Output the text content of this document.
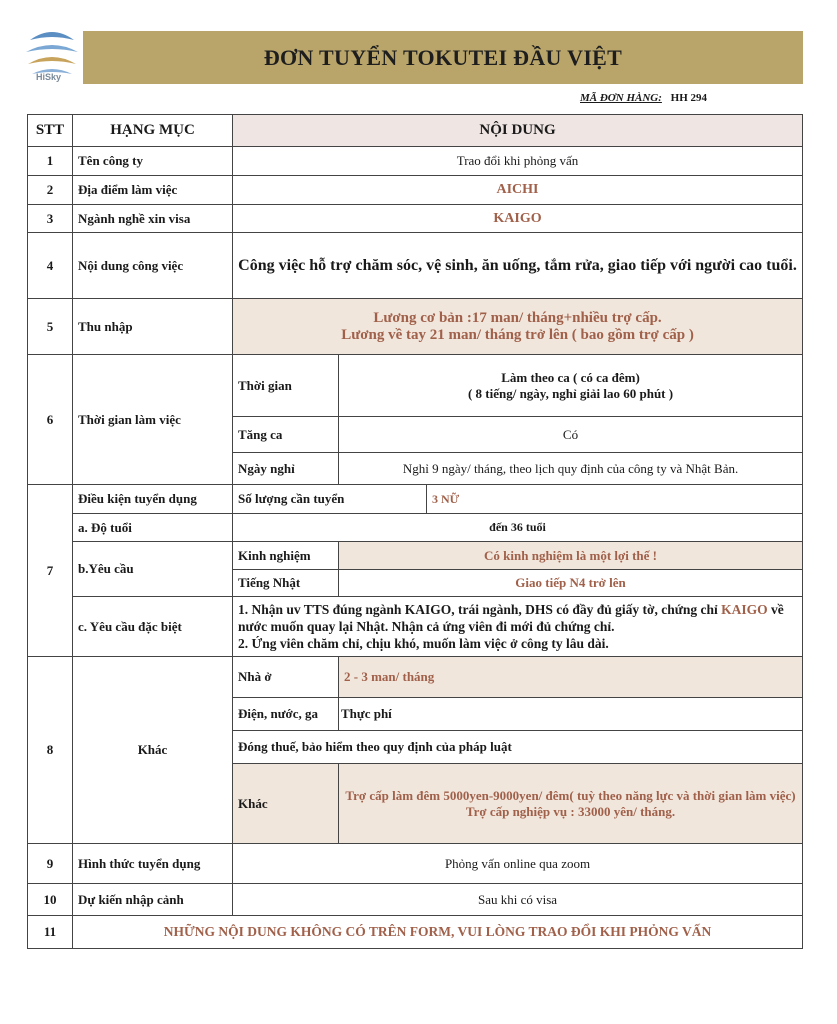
HiSky
ĐƠN TUYỂN TOKUTEI ĐẦU VIỆT
MÃ ĐƠN HÀNG: HH 294
STT	HẠNG MỤC	NỘI DUNG		
1	Tên công ty	Trao đổi khi phỏng vấn		
2	Địa điểm làm việc	AICHI		
3	Ngành nghề xin visa	KAIGO		
4	Nội dung công việc	Công việc hỗ trợ chăm sóc, vệ sinh, ăn uống, tắm rửa, giao tiếp với người cao tuổi.		
5	Thu nhập	Lương cơ bản :17 man/ tháng+nhiều trợ cấp.
Lương về tay 21 man/ tháng trở lên ( bao gồm trợ cấp )		

6	Thời gian làm việc	Thời gian	Làm theo ca ( có ca đêm)
( 8 tiếng/ ngày, nghỉ giải lao 60 phút )	

		Tăng ca	Có	
		Ngày nghỉ	Nghỉ 9 ngày/ tháng, theo lịch quy định của công ty và Nhật Bản.	
7	Điều kiện tuyển dụng	Số lượng cần tuyển		3 NỮ
	a. Độ tuổi	đến 36 tuổi		
	b.Yêu cầu	Kinh nghiệm	Có kinh nghiệm là một lợi thế !	
		Tiếng Nhật	Giao tiếp N4 trở lên	
	c. Yêu cầu đặc biệt	1. Nhận uv TTS đúng ngành KAIGO, trái ngành, DHS có đầy đủ giấy tờ, chứng chỉ KAIGO về nước muốn quay lại Nhật. Nhận cả ứng viên đi mới đủ chứng chỉ.
2. Ứng viên chăm chỉ, chịu khó, muốn làm việc ở công ty lâu dài.		

8	Khác	Nhà ở	2 - 3 man/ tháng	
		Điện, nước, ga	Thực phí	
		Đóng thuế, bảo hiểm theo quy định của pháp luật		
		Khác	Trợ cấp làm đêm 5000yen-9000yen/ đêm( tuỳ theo năng lực và thời gian làm việc)
Trợ cấp nghiệp vụ : 33000 yên/ tháng.	

9	Hình thức tuyển dụng	Phỏng vấn online qua zoom		
10	Dự kiến nhập cảnh	Sau khi có visa		
11	NHỮNG NỘI DUNG KHÔNG CÓ TRÊN FORM, VUI LÒNG TRAO ĐỔI KHI PHỎNG VẤN			
